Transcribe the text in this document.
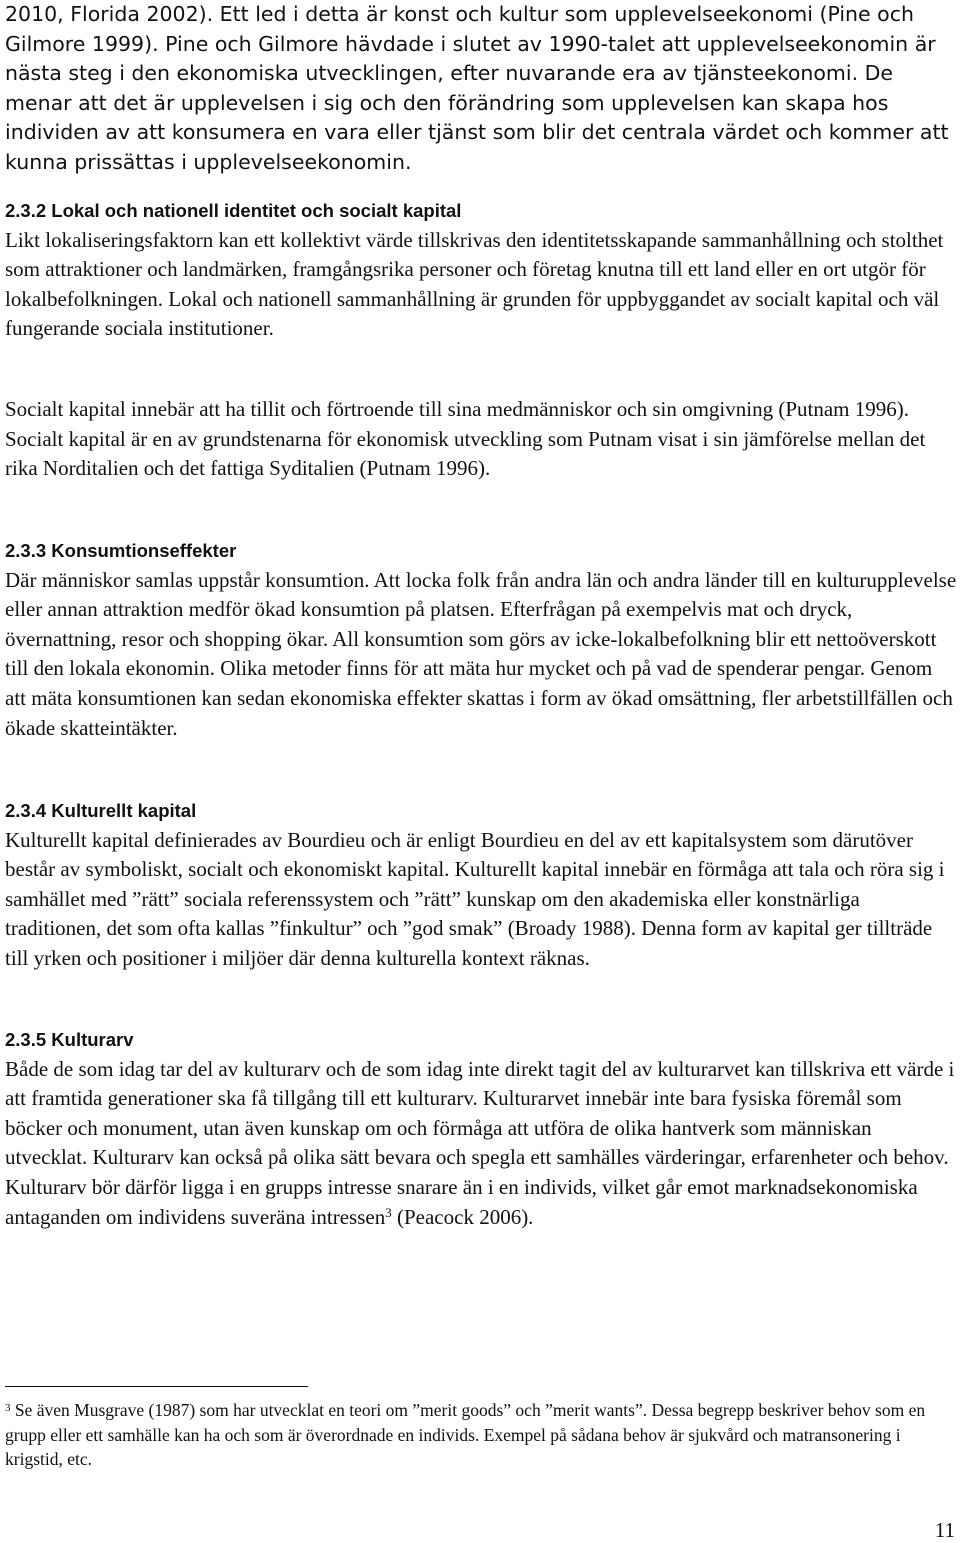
2010, Florida 2002). Ett led i detta är konst och kultur som upplevelseekonomi (Pine och Gilmore 1999). Pine och Gilmore hävdade i slutet av 1990-talet att upplevelseekonomin är nästa steg i den ekonomiska utvecklingen, efter nuvarande era av tjänsteekonomi. De menar att det är upplevelsen i sig och den förändring som upplevelsen kan skapa hos individen av att konsumera en vara eller tjänst som blir det centrala värdet och kommer att kunna prissättas i upplevelseekonomin.

2.3.2 Lokal och nationell identitet och socialt kapital

Likt lokaliseringsfaktorn kan ett kollektivt värde tillskrivas den identitetsskapande sammanhållning och stolthet som attraktioner och landmärken, framgångsrika personer och företag knutna till ett land eller en ort utgör för lokalbefolkningen. Lokal och nationell sammanhållning är grunden för uppbyggandet av socialt kapital och väl fungerande sociala institutioner.

Socialt kapital innebär att ha tillit och förtroende till sina medmänniskor och sin omgivning (Putnam 1996). Socialt kapital är en av grundstenarna för ekonomisk utveckling som Putnam visat i sin jämförelse mellan det rika Norditalien och det fattiga Syditalien (Putnam 1996).

2.3.3 Konsumtionseffekter

Där människor samlas uppstår konsumtion. Att locka folk från andra län och andra länder till en kulturupplevelse eller annan attraktion medför ökad konsumtion på platsen. Efterfrågan på exempelvis mat och dryck, övernattning, resor och shopping ökar. All konsumtion som görs av icke-lokalbefolkning blir ett nettoöverskott till den lokala ekonomin. Olika metoder finns för att mäta hur mycket och på vad de spenderar pengar. Genom att mäta konsumtionen kan sedan ekonomiska effekter skattas i form av ökad omsättning, fler arbetstillfällen och ökade skatteintäkter.

2.3.4 Kulturellt kapital

Kulturellt kapital definierades av Bourdieu och är enligt Bourdieu en del av ett kapitalsystem som därutöver består av symboliskt, socialt och ekonomiskt kapital. Kulturellt kapital innebär en förmåga att tala och röra sig i samhället med ”rätt” sociala referenssystem och ”rätt” kunskap om den akademiska eller konstnärliga traditionen, det som ofta kallas ”finkultur” och ”god smak” (Broady 1988). Denna form av kapital ger tillträde till yrken och positioner i miljöer där denna kulturella kontext räknas.

2.3.5 Kulturarv

Både de som idag tar del av kulturarv och de som idag inte direkt tagit del av kulturarvet kan tillskriva ett värde i att framtida generationer ska få tillgång till ett kulturarv. Kulturarvet innebär inte bara fysiska föremål som böcker och monument, utan även kunskap om och förmåga att utföra de olika hantverk som människan utvecklat. Kulturarv kan också på olika sätt bevara och spegla ett samhälles värderingar, erfarenheter och behov. Kulturarv bör därför ligga i en grupps intresse snarare än i en individs, vilket går emot marknadsekonomiska antaganden om individens suveräna intressen$^3$ (Peacock 2006).

$^3$ Se även Musgrave (1987) som har utvecklat en teori om ”merit goods” och ”merit wants”. Dessa begrepp beskriver behov som en grupp eller ett samhälle kan ha och som är överordnade en individs. Exempel på sådana behov är sjukvård och matransonering i krigstid, etc.

11
